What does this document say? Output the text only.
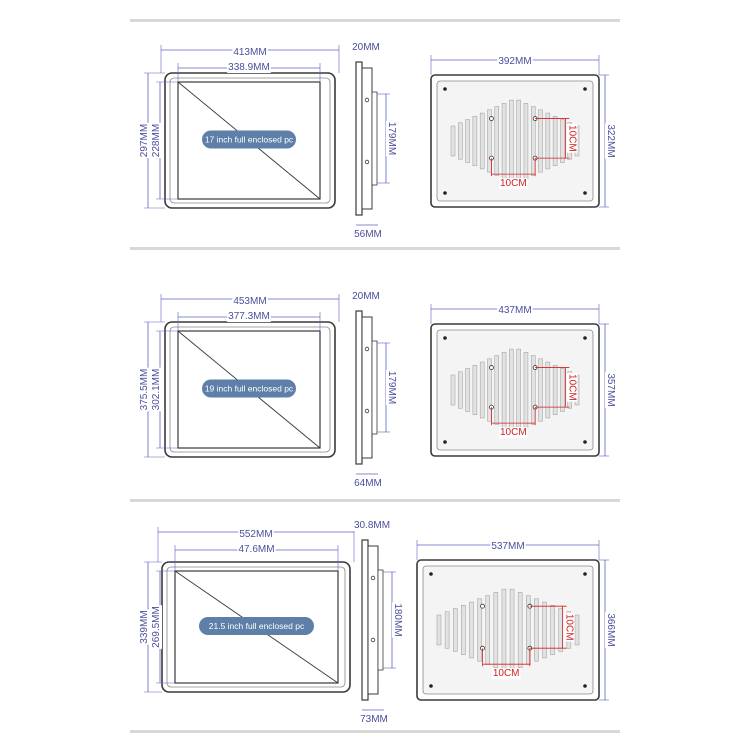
17 inch full enclosed pc
413MM
338.9MM
297MM 228MM
20MM
179MM
56MM
10CM
10CM
392MM
322MM
19 inch full enclosed pc
453MM
377.3MM
375.5MM 302.1MM
20MM
179MM
64MM
10CM
10CM
437MM
357MM
21.5 inch full enclosed pc
552MM
47.6MM
339MM 269.5MM
30.8MM
180MM
73MM
10CM
10CM
537MM
366MM
